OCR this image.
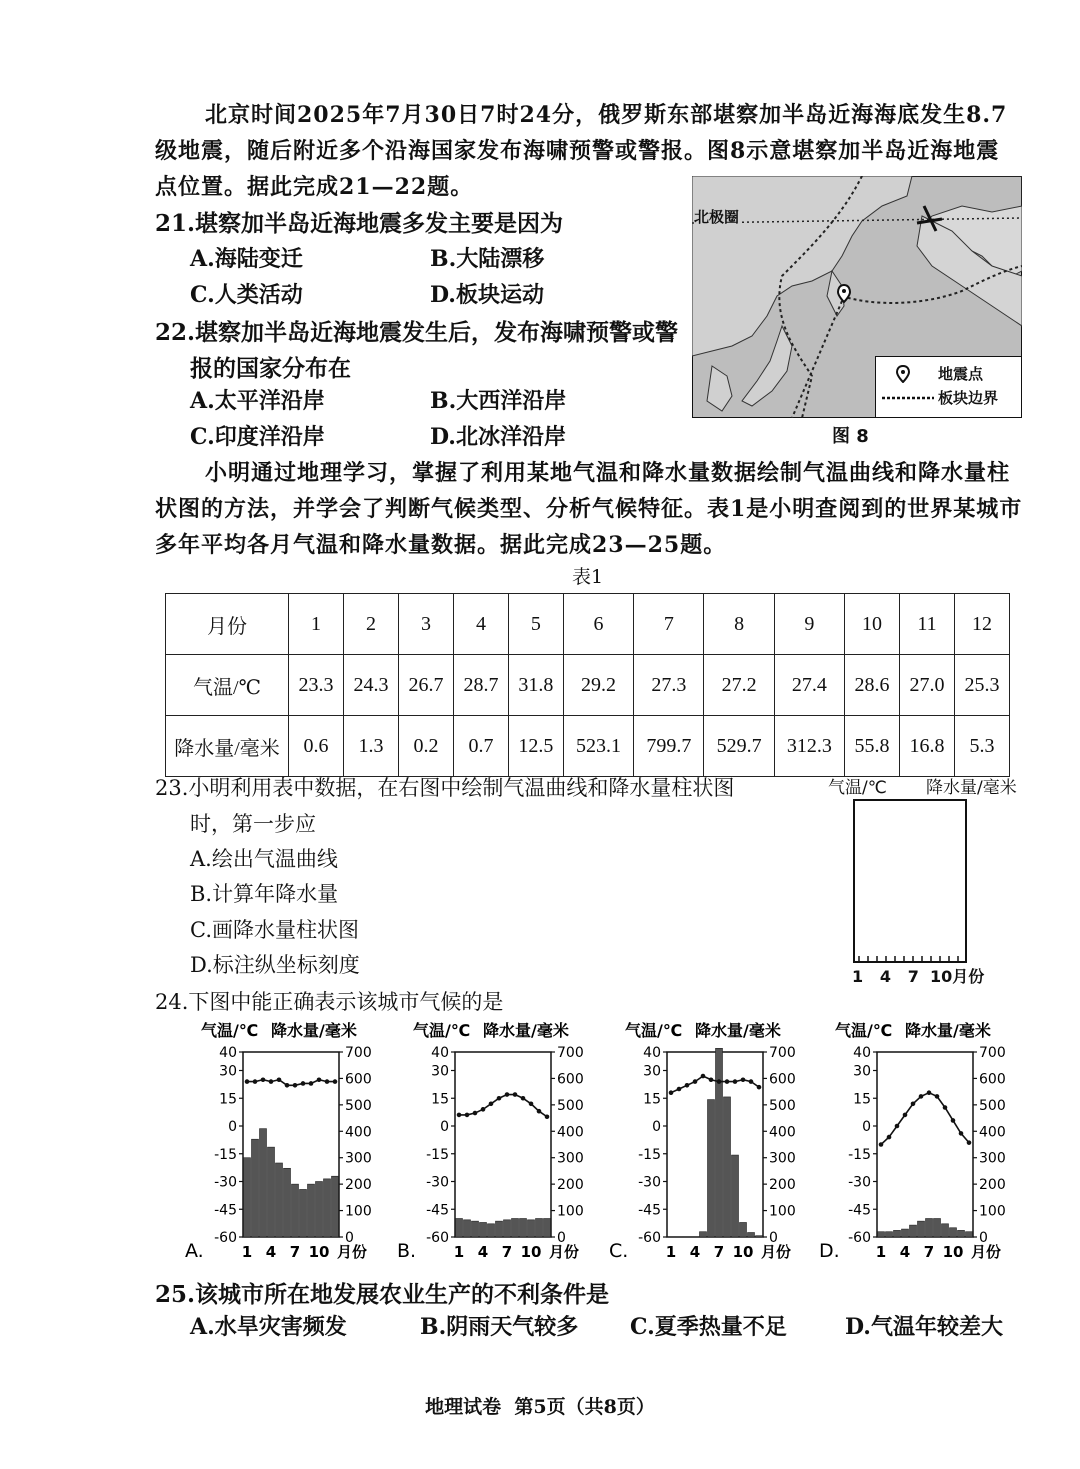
北京时间2025年7月30日7时24分，俄罗斯东部堪察加半岛近海海底发生8.7
级地震，随后附近多个沿海国家发布海啸预警或警报。图8示意堪察加半岛近海地震
点位置。据此完成21—22题。
21.堪察加半岛近海地震多发主要是因为
A.海陆变迁	B.大陆漂移
C.人类活动	D.板块运动
22.堪察加半岛近海地震发生后，发布海啸预警或警
报的国家分布在
A.太平洋沿岸	B.大西洋沿岸
C.印度洋沿岸	D.北冰洋沿岸
北极圈
地震点
板块边界
图 8
小明通过地理学习，掌握了利用某地气温和降水量数据绘制气温曲线和降水量柱
状图的方法，并学会了判断气候类型、分析气候特征。表1是小明查阅到的世界某城市
多年平均各月气温和降水量数据。据此完成23—25题。
表1
月份	1	2	3	4	5	6	7	8	9	10	11	12
气温/℃	23.3	24.3	26.7	28.7	31.8	29.2	27.3	27.2	27.4	28.6	27.0	25.3
降水量/毫米	0.6	1.3	0.2	0.7	12.5	523.1	799.7	529.7	312.3	55.8	16.8	5.3
23.小明利用表中数据，在右图中绘制气温曲线和降水量柱状图
时，第一步应
A.绘出气温曲线
B.计算年降水量
C.画降水量柱状图
D.标注纵坐标刻度
气温/℃ 降水量/毫米
1   4   7  10月份
24.下图中能正确表示该城市气候的是
气温/℃ 降水量/毫米
40
30
15
0
-15
-30
-45
-60
700
600
500
400
300
200
100
0
1 4 7 10 月份
A.
气温/℃ 降水量/毫米
40
30
15
0
-15
-30
-45
-60
700
600
500
400
300
200
100
0
1 4 7 10 月份
B.
气温/℃ 降水量/毫米
40
30
15
0
-15
-30
-45
-60
700
600
500
400
300
200
100
0
1 4 7 10 月份
C.
气温/℃ 降水量/毫米
40
30
15
0
-15
-30
-45
-60
700
600
500
400
300
200
100
0
1 4 7 10 月份
D.
25.该城市所在地发展农业生产的不利条件是
A.水旱灾害频发	B.阴雨天气较多 C.夏季热量不足	D.气温年较差大
地理试卷  第5页（共8页）
